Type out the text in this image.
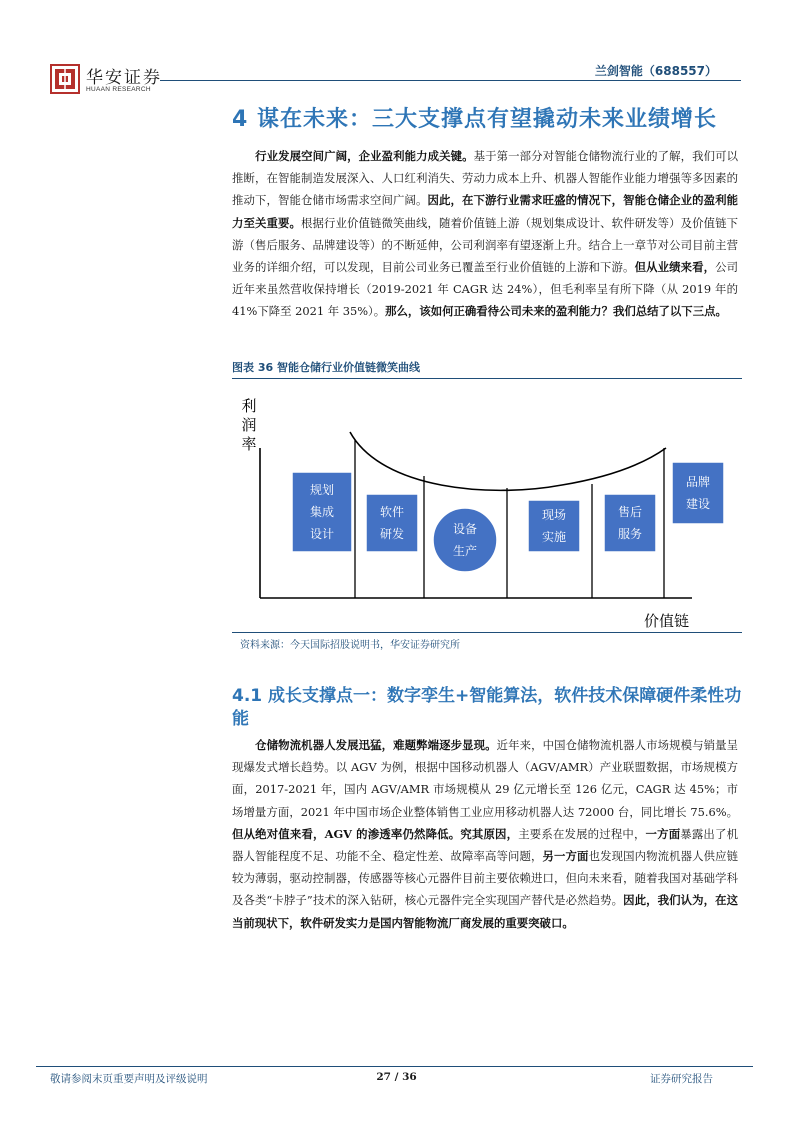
华安证券
HUAAN RESEARCH
兰剑智能（688557）
4 谋在未来：三大支撑点有望撬动未来业绩增长
行业发展空间广阔，企业盈利能力成关键。基于第一部分对智能仓储物流行业的了解，我们可以推断，在智能制造发展深入、人口红利消失、劳动力成本上升、机器人智能作业能力增强等多因素的推动下，智能仓储市场需求空间广阔。因此，在下游行业需求旺盛的情况下，智能仓储企业的盈利能力至关重要。根据行业价值链微笑曲线，随着价值链上游（规划集成设计、软件研发等）及价值链下游（售后服务、品牌建设等）的不断延伸，公司利润率有望逐渐上升。结合上一章节对公司目前主营业务的详细介绍，可以发现，目前公司业务已覆盖至行业价值链的上游和下游。但从业绩来看，公司近年来虽然营收保持增长（2019-2021 年 CAGR 达 24%），但毛利率呈有所下降（从 2019 年的 41%下降至 2021 年 35%）。那么，该如何正确看待公司未来的盈利能力？我们总结了以下三点。
图表 36 智能仓储行业价值链微笑曲线
利润率
价值链
规划
集成
设计
软件
研发	设备
生产
现场
实施
售后
服务
品牌
建设
资料来源：今天国际招股说明书，华安证券研究所
4.1 成长支撑点一：数字孪生+智能算法，软件技术保障硬件柔性功能
仓储物流机器人发展迅猛，难题弊端逐步显现。近年来，中国仓储物流机器人市场规模与销量呈现爆发式增长趋势。以 AGV 为例，根据中国移动机器人（AGV/AMR）产业联盟数据，市场规模方面，2017-2021 年，国内 AGV/AMR 市场规模从 29 亿元增长至 126 亿元，CAGR 达 45%；市场增量方面，2021 年中国市场企业整体销售工业应用移动机器人达 72000 台，同比增长 75.6%。但从绝对值来看，AGV 的渗透率仍然降低。究其原因，主要系在发展的过程中，一方面暴露出了机器人智能程度不足、功能不全、稳定性差、故障率高等问题，另一方面也发现国内物流机器人供应链较为薄弱，驱动控制器，传感器等核心元器件目前主要依赖进口，但向未来看，随着我国对基础学科及各类“卡脖子”技术的深入钻研，核心元器件完全实现国产替代是必然趋势。因此，我们认为，在这当前现状下，软件研发实力是国内智能物流厂商发展的重要突破口。
敬请参阅末页重要声明及评级说明	27 / 36	证券研究报告
